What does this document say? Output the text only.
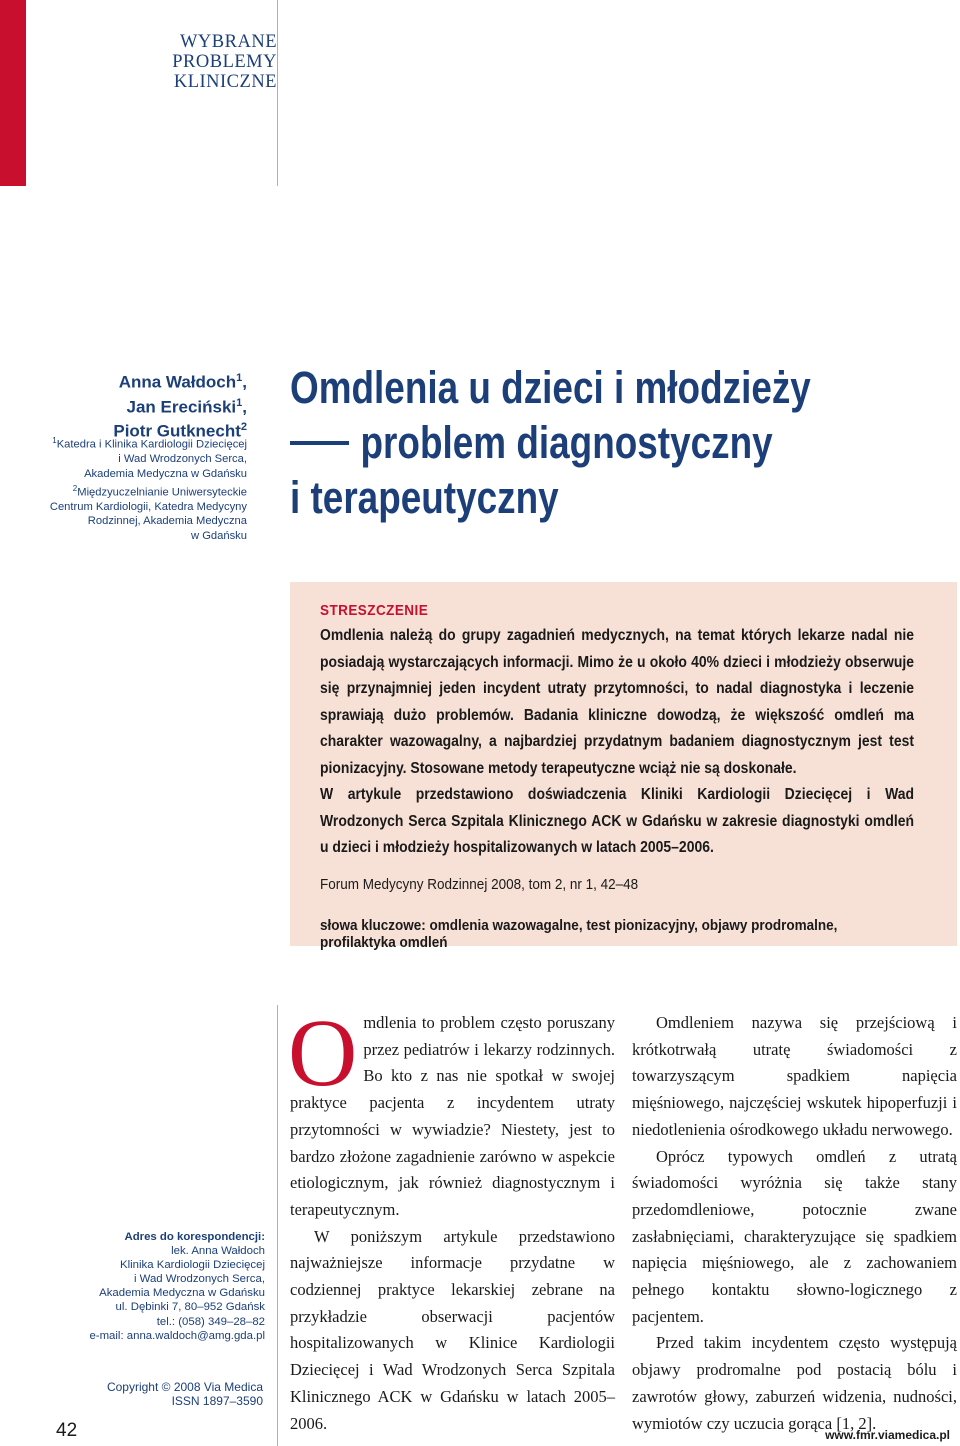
WYBRANE
PROBLEMY
KLINICZNE
Anna Wałdoch$^1$,
Jan Ereciński$^1$,
Piotr Gutknecht$^2$
$^1$Katedra i Klinika Kardiologii Dziecięcej
i Wad Wrodzonych Serca,
Akademia Medyczna w Gdańsku
$^2$Międzyuczelnianie Uniwersyteckie
Centrum Kardiologii, Katedra Medycyny
Rodzinnej, Akademia Medyczna
w Gdańsku
Omdlenia u dzieci i młodzieży
problem diagnostyczny
i terapeutyczny
STRESZCZENIE

Omdlenia należą do grupy zagadnień medycznych, na temat których lekarze nadal nie posiadają wystarczających informacji. Mimo że u około 40% dzieci i młodzieży obserwuje się przynajmniej jeden incydent utraty przytomności, to nadal diagnostyka i leczenie sprawiają dużo problemów. Badania kliniczne dowodzą, że większość omdleń ma charakter wazowagalny, a najbardziej przydatnym badaniem diagnostycznym jest test pionizacyjny. Stosowane metody terapeutyczne wciąż nie są doskonałe.

W artykule przedstawiono doświadczenia Kliniki Kardiologii Dziecięcej i Wad Wrodzonych Serca Szpitala Klinicznego ACK w Gdańsku w zakresie diagnostyki omdleń u dzieci i młodzieży hospitalizowanych w latach 2005–2006.

Forum Medycyny Rodzinnej 2008, tom 2, nr 1, 42–48
słowa kluczowe: omdlenia wazowagalne, test pionizacyjny, objawy prodromalne, profilaktyka omdleń
Adres do korespondencji:
lek. Anna Wałdoch
Klinika Kardiologii Dziecięcej
i Wad Wrodzonych Serca,
Akademia Medyczna w Gdańsku
ul. Dębinki 7, 80–952 Gdańsk
tel.: (058) 349–28–82
e-mail: anna.waldoch@amg.gda.pl
Copyright © 2008 Via Medica
ISSN 1897–3590

Omdlenia to problem często poruszany przez pediatrów i lekarzy rodzinnych. Bo kto z nas nie spotkał w swojej praktyce pacjenta z incydentem utraty przytomności w wywiadzie? Niestety, jest to bardzo złożone zagadnienie zarówno w aspekcie etiologicznym, jak również diagnostycznym i terapeutycznym.

W poniższym artykule przedstawiono najważniejsze informacje przydatne w codziennej praktyce lekarskiej zebrane na przykładzie obserwacji pacjentów hospitalizowanych w Klinice Kardiologii Dziecięcej i Wad Wrodzonych Serca Szpitala Klinicznego ACK w Gdańsku w latach 2005–2006.

Omdleniem nazywa się przejściową i krótkotrwałą utratę świadomości z towarzyszącym spadkiem napięcia mięśniowego, najczęściej wskutek hipoperfuzji i niedotlenienia ośrodkowego układu nerwowego.

Oprócz typowych omdleń z utratą świadomości wyróżnia się także stany przedomdleniowe, potocznie zwane zasłabnięciami, charakteryzujące się spadkiem napięcia mięśniowego, ale z zachowaniem pełnego kontaktu słowno-logicznego z pacjentem.

Przed takim incydentem często występują objawy prodromalne pod postacią bólu i zawrotów głowy, zaburzeń widzenia, nudności, wymiotów czy uczucia gorąca [1, 2].

42	www.fmr.viamedica.pl
